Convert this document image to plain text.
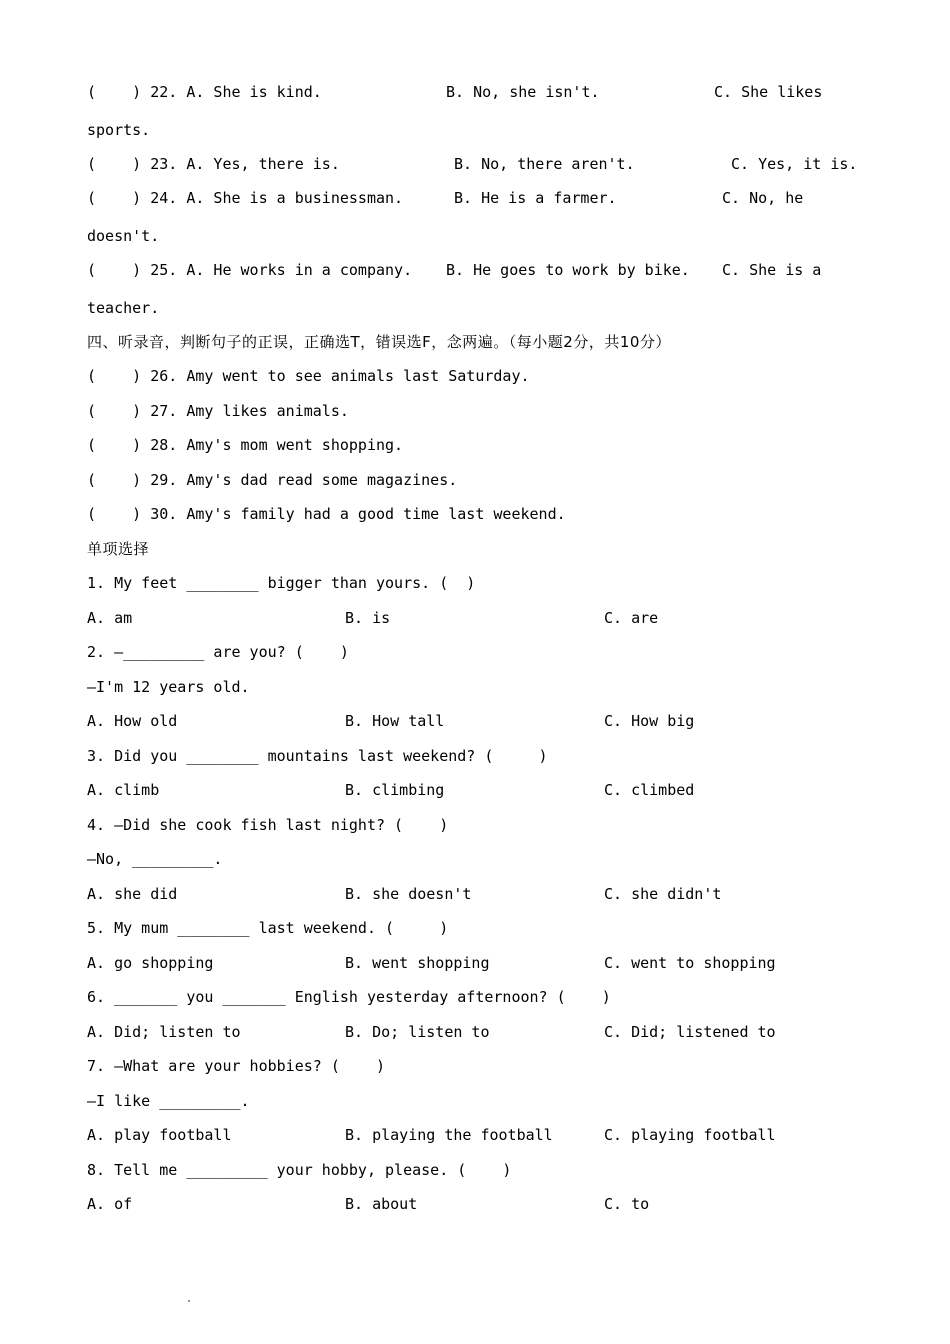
(    ) 22. A. She is kind.	B. No, she isn't.	C. She likes
sports.
(    ) 23. A. Yes, there is.	B. No, there aren't.	C. Yes, it is.
(    ) 24. A. She is a businessman.	B. He is a farmer.	C. No, he
doesn't.
(    ) 25. A. He works in a company. B. He goes to work by bike. C. She is a
teacher.
四、听录音，判断句子的正误，正确选T，错误选F，念两遍。（每小题2分，共10分）
(    ) 26. Amy went to see animals last Saturday.
(    ) 27. Amy likes animals.
(    ) 28. Amy's mom went shopping.
(    ) 29. Amy's dad read some magazines.
(    ) 30. Amy's family had a good time last weekend.
单项选择
1. My feet ________ bigger than yours. (  )
A. am	B. is	C. are
2. —_________ are you? (    )
—I'm 12 years old.
A. How old	B. How tall	C. How big
3. Did you ________ mountains last weekend? (     )
A. climb	B. climbing	C. climbed
4. —Did she cook fish last night? (    )
—No, _________.
A. she did	B. she doesn't	C. she didn't
5. My mum ________ last weekend. (     )
A. go shopping	B. went shopping	C. went to shopping
6. _______ you _______ English yesterday afternoon? (    )
A. Did; listen to	B. Do; listen to	C. Did; listened to
7. —What are your hobbies? (    )
—I like _________.
A. play football	B. playing the football	C. playing football
8. Tell me _________ your hobby, please. (    )
A. of	B. about	C. to
